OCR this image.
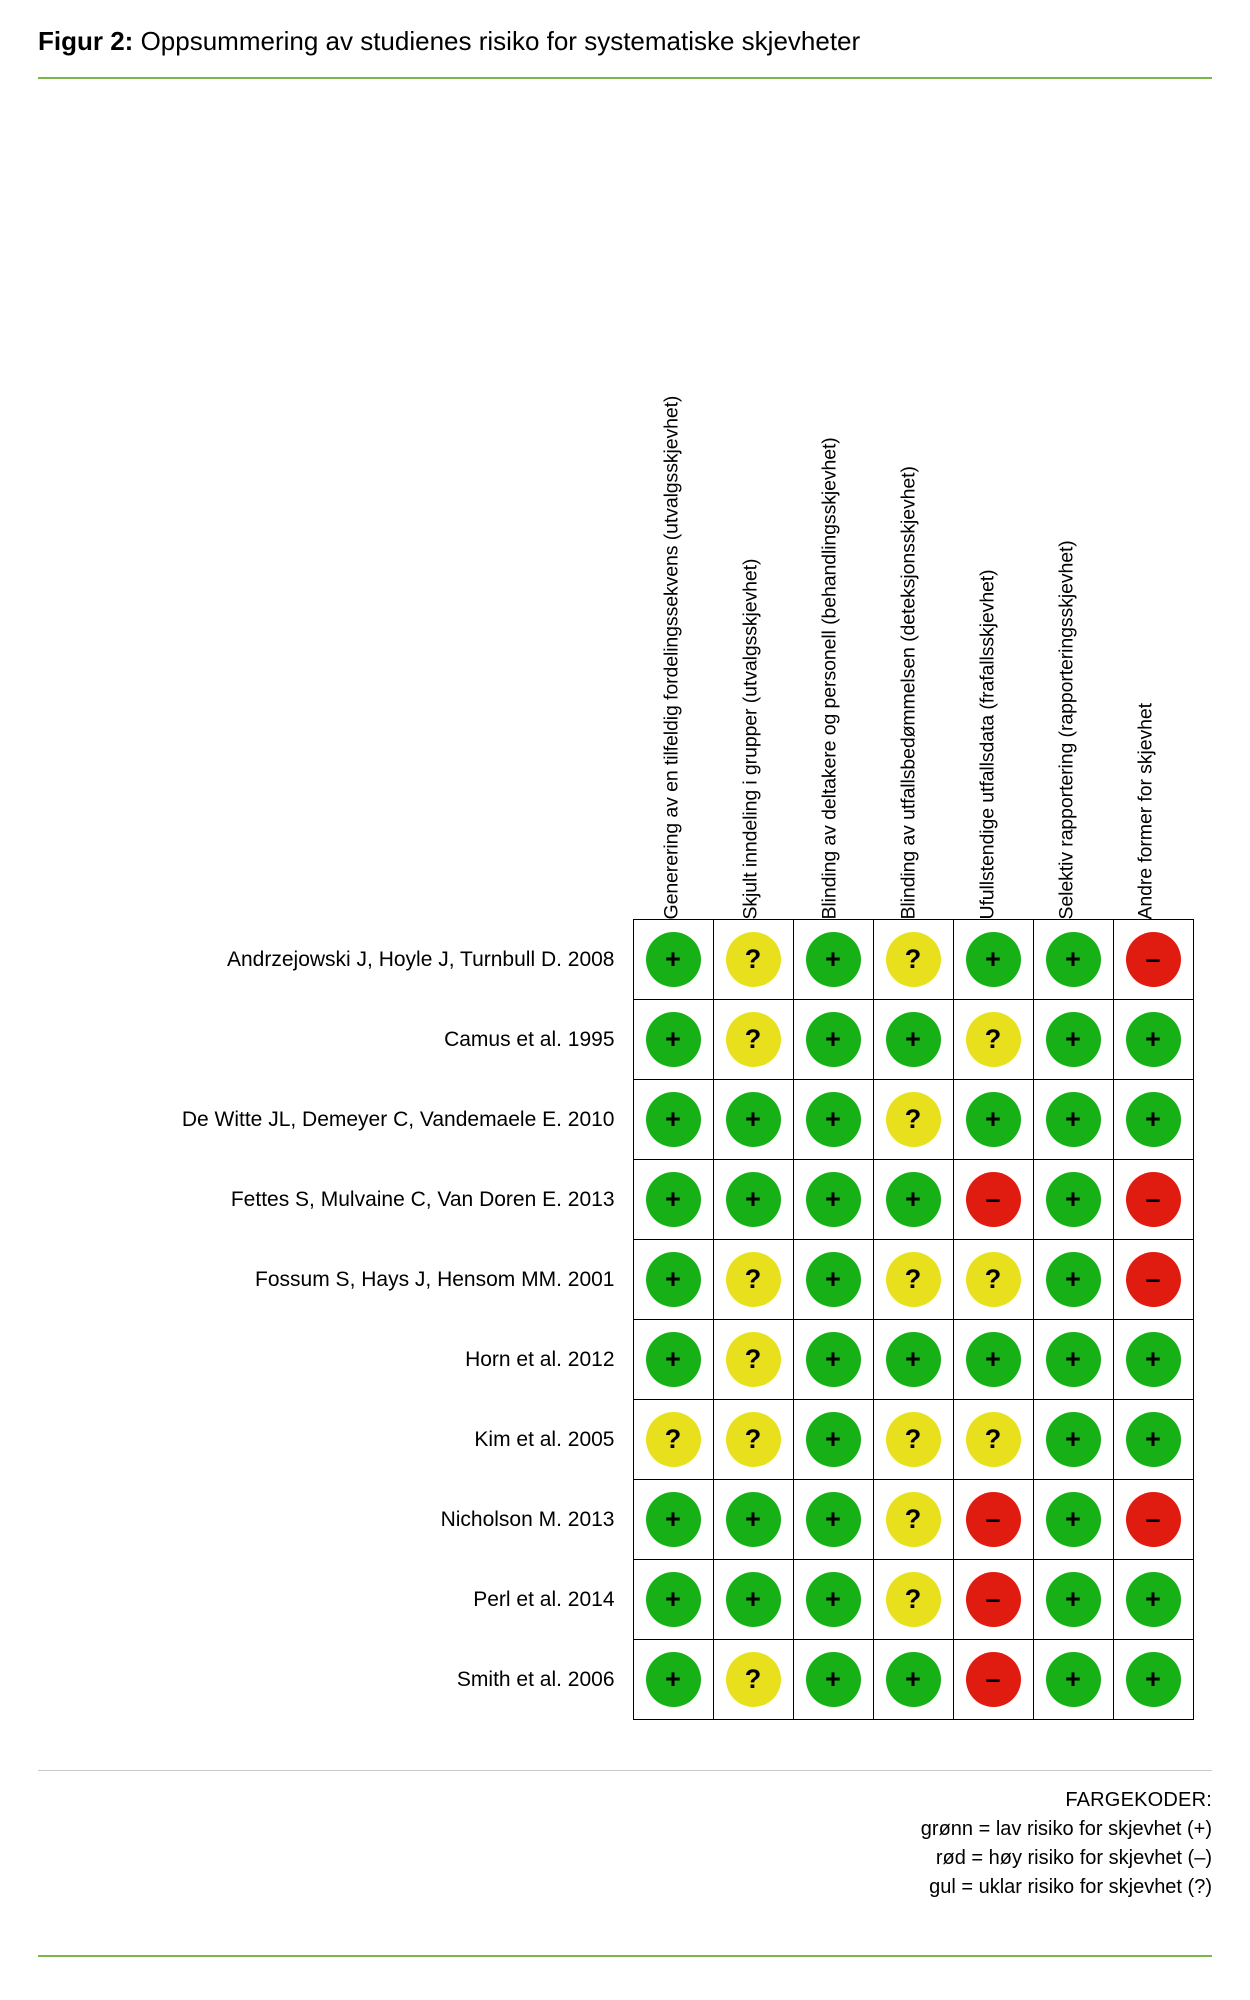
Figur 2: Oppsummering av studienes risiko for systematiske skjevheter
Generering av en tilfeldig fordelingssekvens (utvalgsskjevhet)	Skjult inndeling i grupper (utvalgsskjevhet)	Blinding av deltakere og personell (behandlingsskjevhet)	Blinding av utfallsbedømmelsen (deteksjonsskjevhet)	Ufullstendige utfallsdata (frafallsskjevhet)	Selektiv rapportering (rapporteringsskjevhet)	Andre former for skjevhet
Andrzejowski J, Hoyle J, Turnbull D. 2008	+	?	+	?	+	+	–
Camus et al. 1995	+	?	+	+	?	+	+
De Witte JL, Demeyer C, Vandemaele E. 2010	+	+	+	?	+	+	+
Fettes S, Mulvaine C, Van Doren E. 2013	+	+	+	+	–	+	–
Fossum S, Hays J, Hensom MM. 2001	+	?	+	?	?	+	–
Horn et al. 2012	+	?	+	+	+	+	+
Kim et al. 2005	?	?	+	?	?	+	+
Nicholson M. 2013	+	+	+	?	–	+	–
Perl et al. 2014	+	+	+	?	–	+	+
Smith et al. 2006	+	?	+	+	–	+	+
FARGEKODER:
grønn = lav risiko for skjevhet (+)
rød = høy risiko for skjevhet (–)
gul = uklar risiko for skjevhet (?)
